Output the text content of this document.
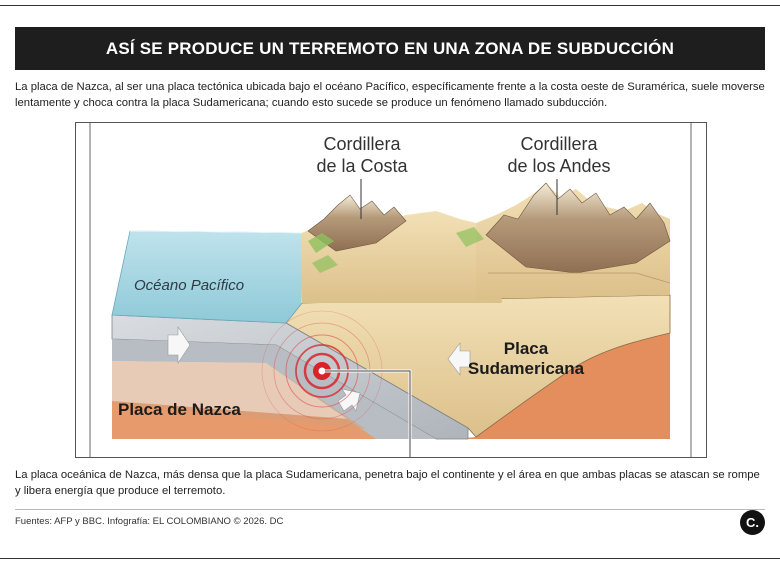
ASÍ SE PRODUCE UN TERREMOTO EN UNA ZONA DE SUBDUCCIÓN
La placa de Nazca, al ser una placa tectónica ubicada bajo el océano Pacífico, específicamente frente a la costa oeste de Suramérica, suele moverse lentamente y choca contra la placa Sudamericana; cuando esto sucede se produce un fenómeno llamado subducción.
Cordillera
de la Costa
Cordillera
de los Andes
Océano Pacífico
Placa
Sudamericana
Placa de Nazca
La placa oceánica de Nazca, más densa que la placa Sudamericana, penetra bajo el continente y el área en que ambas placas se atascan se rompe y libera energía que produce el terremoto.
Fuentes: AFP y BBC. Infografía: EL COLOMBIANO © 2026. DC	C.
